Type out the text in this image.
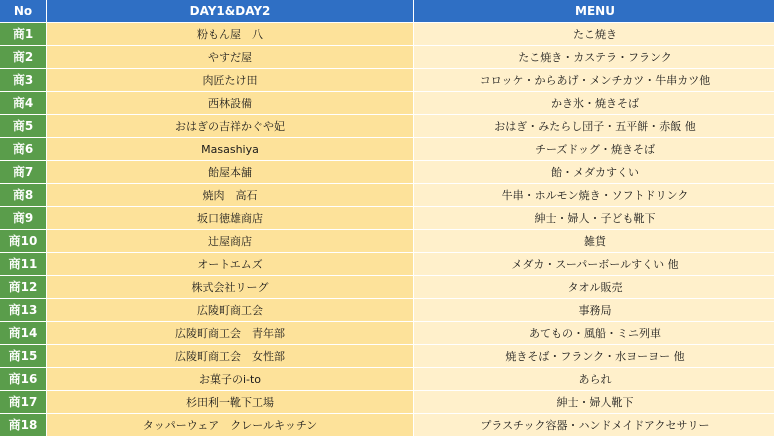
No	DAY1&DAY2	MENU
商1	粉もん屋　八	たこ焼き
商2	やすだ屋	たこ焼き・カステラ・フランク
商3	肉匠たけ田	コロッケ・からあげ・メンチカツ・牛串カツ他
商4	西林設備	かき氷・焼きそば
商5	おはぎの吉祥かぐや妃	おはぎ・みたらし団子・五平餅・赤飯 他
商6	Masashiya	チーズドッグ・焼きそば
商7	飴屋本舗	飴・メダカすくい
商8	焼肉　高石	牛串・ホルモン焼き・ソフトドリンク
商9	坂口徳雄商店	紳士・婦人・子ども靴下
商10	辻屋商店	雑貨
商11	オートエムズ	メダカ・スーパーボールすくい 他
商12	株式会社リーグ	タオル販売
商13	広陵町商工会	事務局
商14	広陵町商工会　青年部	あてもの・風船・ミニ列車
商15	広陵町商工会　女性部	焼きそば・フランク・水ヨーヨー 他
商16	お菓子のi-to	あられ
商17	杉田利一靴下工場	紳士・婦人靴下
商18	タッパーウェア　クレールキッチン	プラスチック容器・ハンドメイドアクセサリー
